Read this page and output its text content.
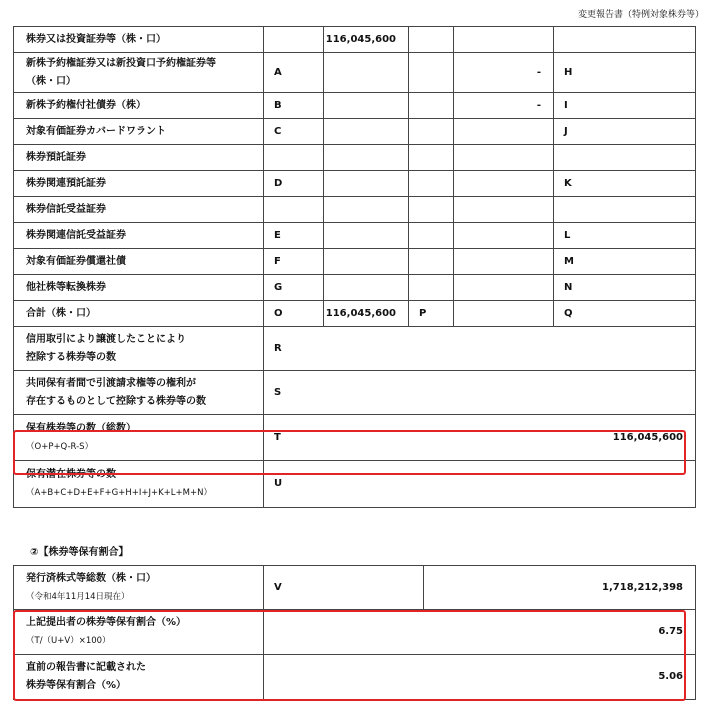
変更報告書（特例対象株券等）
株券又は投資証券等（株・口）		116,045,600			
新株予約権証券又は新投資口予約権証券等
（株・口）	A			-	H
新株予約権付社債券（株）	B			-	I
対象有価証券カバードワラント	C				J
株券預託証券					
株券関連預託証券	D				K
株券信託受益証券					
株券関連信託受益証券	E				L
対象有価証券償還社債	F				M
他社株等転換株券	G				N
合計（株・口）	O	116,045,600	P		Q
信用取引により譲渡したことにより
控除する株券等の数	R				
共同保有者間で引渡請求権等の権利が
存在するものとして控除する株券等の数	S				
保有株券等の数（総数）
（O+P+Q-R-S）	T 116,045,600				

保有潜在株券等の数
（A+B+C+D+E+F+G+H+I+J+K+L+M+N）	U				
②【株券等保有割合】
発行済株式等総数（株・口）
（令和4年11月14日現在）	V	1,718,212,398
上記提出者の株券等保有割合（%）
（T/（U+V）×100）	6.75	
直前の報告書に記載された
株券等保有割合（%）	5.06	
